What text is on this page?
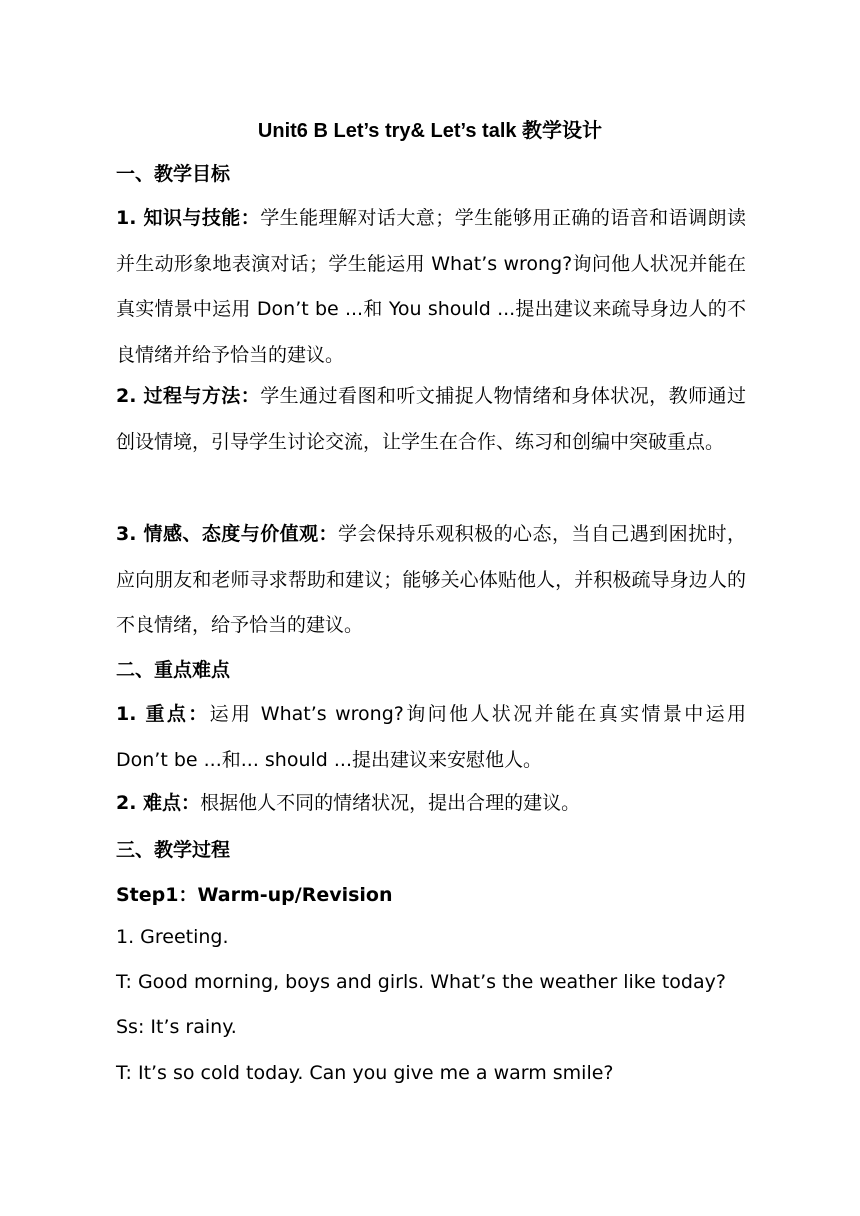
Unit6 B Let’s try& Let’s talk 教学设计
一、教学目标
1. 知识与技能：学生能理解对话大意；学生能够用正确的语音和语调朗读并生动形象地表演对话；学生能运用 What’s wrong?询问他人状况并能在真实情景中运用 Don’t be ...和 You should ...提出建议来疏导身边人的不良情绪并给予恰当的建议。
2. 过程与方法：学生通过看图和听文捕捉人物情绪和身体状况，教师通过创设情境，引导学生讨论交流，让学生在合作、练习和创编中突破重点。
3. 情感、态度与价值观：学会保持乐观积极的心态，当自己遇到困扰时，应向朋友和老师寻求帮助和建议；能够关心体贴他人，并积极疏导身边人的不良情绪，给予恰当的建议。
二、重点难点
1. 重点：运用 What’s wrong?询问他人状况并能在真实情景中运用 Don’t be ...和... should ...提出建议来安慰他人。
2. 难点：根据他人不同的情绪状况，提出合理的建议。
三、教学过程
Step1：Warm-up/Revision
1. Greeting.
T: Good morning, boys and girls. What’s the weather like today?
Ss: It’s rainy.
T: It’s so cold today. Can you give me a warm smile?
